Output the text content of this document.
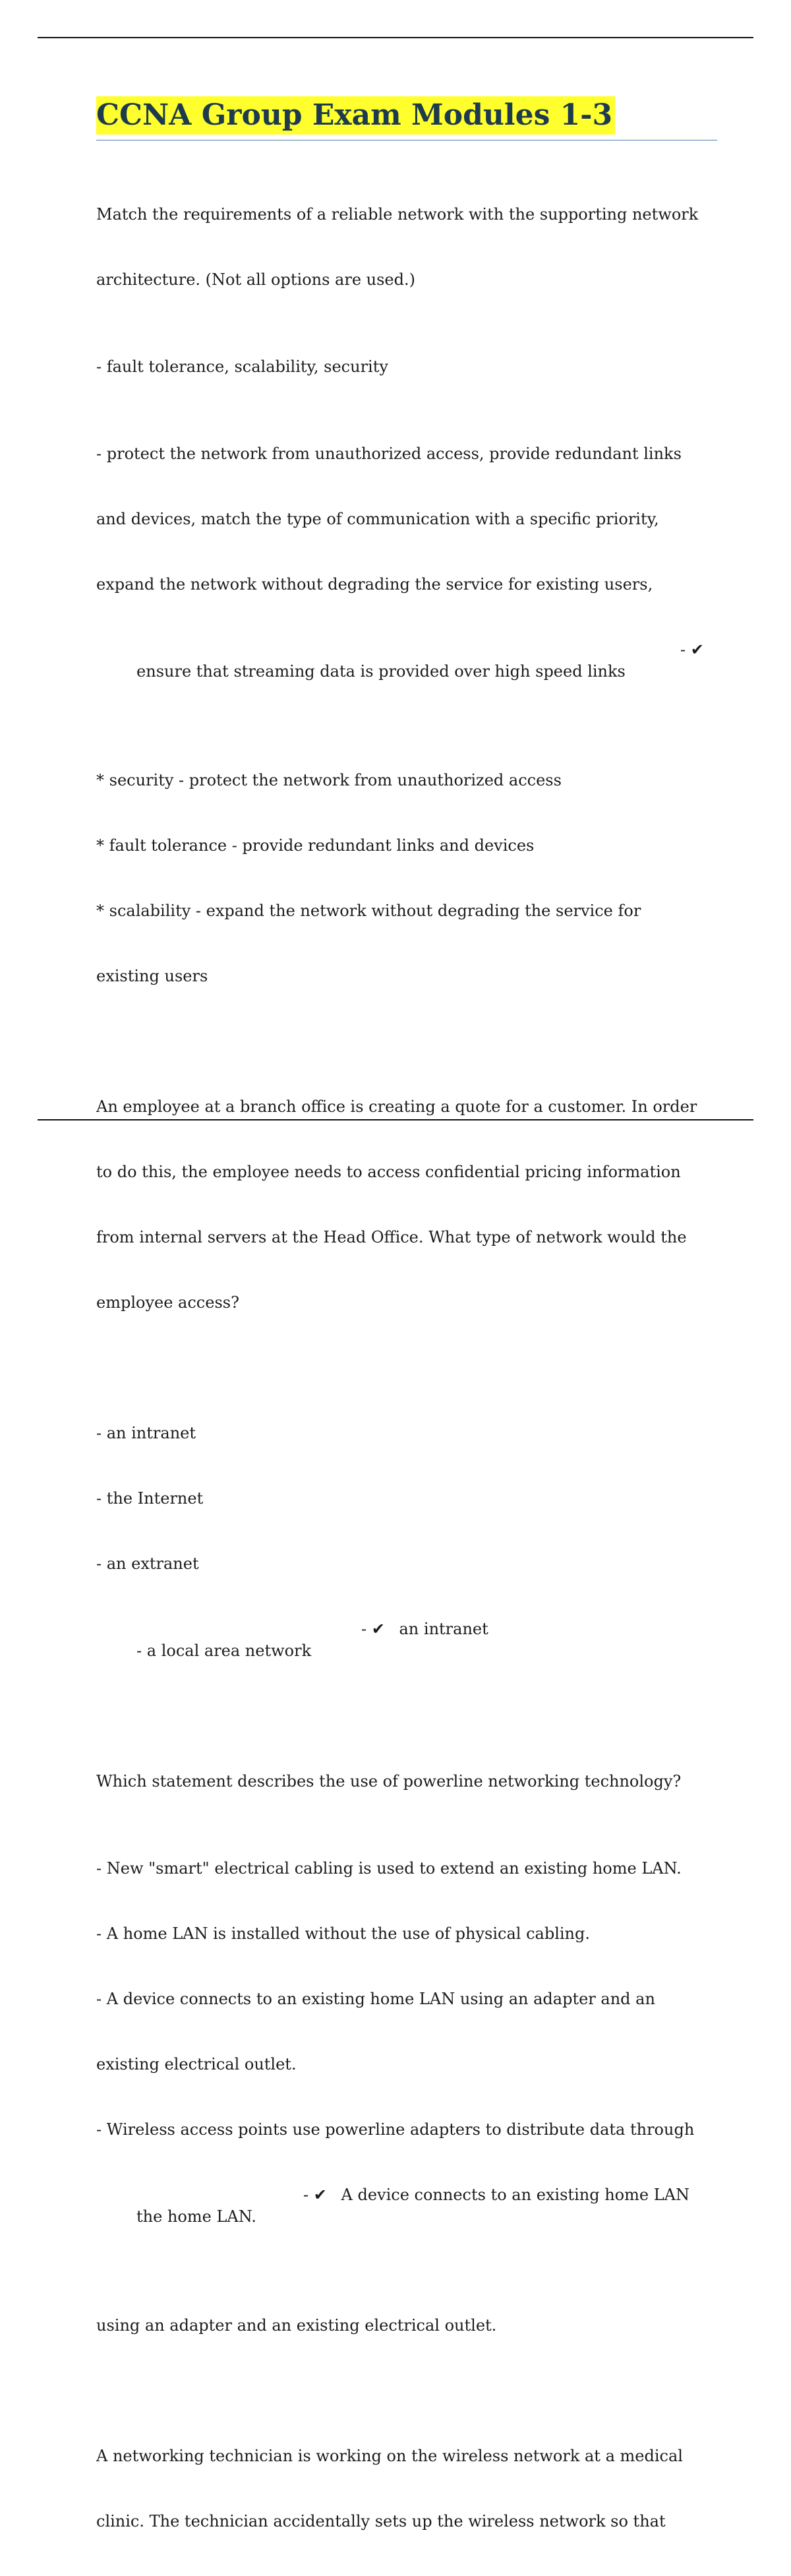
CCNA Group Exam Modules 1-3

Match the requirements of a reliable network with the supporting network

architecture. (Not all options are used.)

- fault tolerance, scalability, security

- protect the network from unauthorized access, provide redundant links

and devices, match the type of communication with a specific priority,

expand the network without degrading the service for existing users,

ensure that streaming data is provided over high speed links

- ✔

* security - protect the network from unauthorized access

* fault tolerance - provide redundant links and devices

* scalability - expand the network without degrading the service for

existing users

An employee at a branch office is creating a quote for a customer. In order

to do this, the employee needs to access confidential pricing information

from internal servers at the Head Office. What type of network would the

employee access?

- an intranet

- the Internet

- an extranet

- a local area network

- ✔ an intranet

Which statement describes the use of powerline networking technology?

- New "smart" electrical cabling is used to extend an existing home LAN.

- A home LAN is installed without the use of physical cabling.

- A device connects to an existing home LAN using an adapter and an

existing electrical outlet.

- Wireless access points use powerline adapters to distribute data through

the home LAN.

- ✔ A device connects to an existing home LAN

using an adapter and an existing electrical outlet.

A networking technician is working on the wireless network at a medical

clinic. The technician accidentally sets up the wireless network so that
